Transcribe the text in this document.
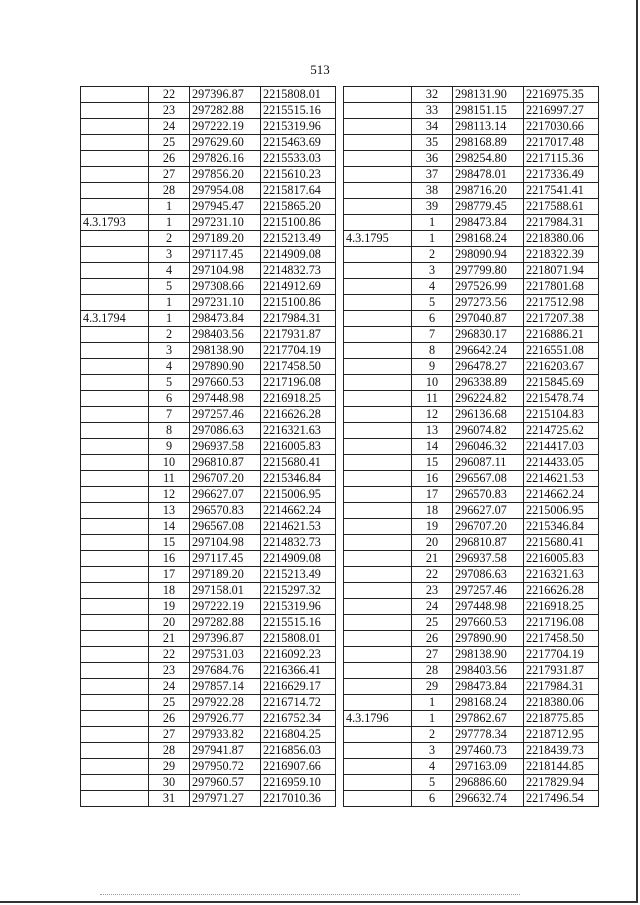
513
	22	297396.87	2215808.01
	23	297282.88	2215515.16
	24	297222.19	2215319.96
	25	297629.60	2215463.69
	26	297826.16	2215533.03
	27	297856.20	2215610.23
	28	297954.08	2215817.64
	1	297945.47	2215865.20
4.3.1793	1	297231.10	2215100.86
	2	297189.20	2215213.49
	3	297117.45	2214909.08
	4	297104.98	2214832.73
	5	297308.66	2214912.69
	1	297231.10	2215100.86
4.3.1794	1	298473.84	2217984.31
	2	298403.56	2217931.87
	3	298138.90	2217704.19
	4	297890.90	2217458.50
	5	297660.53	2217196.08
	6	297448.98	2216918.25
	7	297257.46	2216626.28
	8	297086.63	2216321.63
	9	296937.58	2216005.83
	10	296810.87	2215680.41
	11	296707.20	2215346.84
	12	296627.07	2215006.95
	13	296570.83	2214662.24
	14	296567.08	2214621.53
	15	297104.98	2214832.73
	16	297117.45	2214909.08
	17	297189.20	2215213.49
	18	297158.01	2215297.32
	19	297222.19	2215319.96
	20	297282.88	2215515.16
	21	297396.87	2215808.01
	22	297531.03	2216092.23
	23	297684.76	2216366.41
	24	297857.14	2216629.17
	25	297922.28	2216714.72
	26	297926.77	2216752.34
	27	297933.82	2216804.25
	28	297941.87	2216856.03
	29	297950.72	2216907.66
	30	297960.57	2216959.10
	31	297971.27	2217010.36
	32	298131.90	2216975.35
	33	298151.15	2216997.27
	34	298113.14	2217030.66
	35	298168.89	2217017.48
	36	298254.80	2217115.36
	37	298478.01	2217336.49
	38	298716.20	2217541.41
	39	298779.45	2217588.61
	1	298473.84	2217984.31
4.3.1795	1	298168.24	2218380.06
	2	298090.94	2218322.39
	3	297799.80	2218071.94
	4	297526.99	2217801.68
	5	297273.56	2217512.98
	6	297040.87	2217207.38
	7	296830.17	2216886.21
	8	296642.24	2216551.08
	9	296478.27	2216203.67
	10	296338.89	2215845.69
	11	296224.82	2215478.74
	12	296136.68	2215104.83
	13	296074.82	2214725.62
	14	296046.32	2214417.03
	15	296087.11	2214433.05
	16	296567.08	2214621.53
	17	296570.83	2214662.24
	18	296627.07	2215006.95
	19	296707.20	2215346.84
	20	296810.87	2215680.41
	21	296937.58	2216005.83
	22	297086.63	2216321.63
	23	297257.46	2216626.28
	24	297448.98	2216918.25
	25	297660.53	2217196.08
	26	297890.90	2217458.50
	27	298138.90	2217704.19
	28	298403.56	2217931.87
	29	298473.84	2217984.31
	1	298168.24	2218380.06
4.3.1796	1	297862.67	2218775.85
	2	297778.34	2218712.95
	3	297460.73	2218439.73
	4	297163.09	2218144.85
	5	296886.60	2217829.94
	6	296632.74	2217496.54
